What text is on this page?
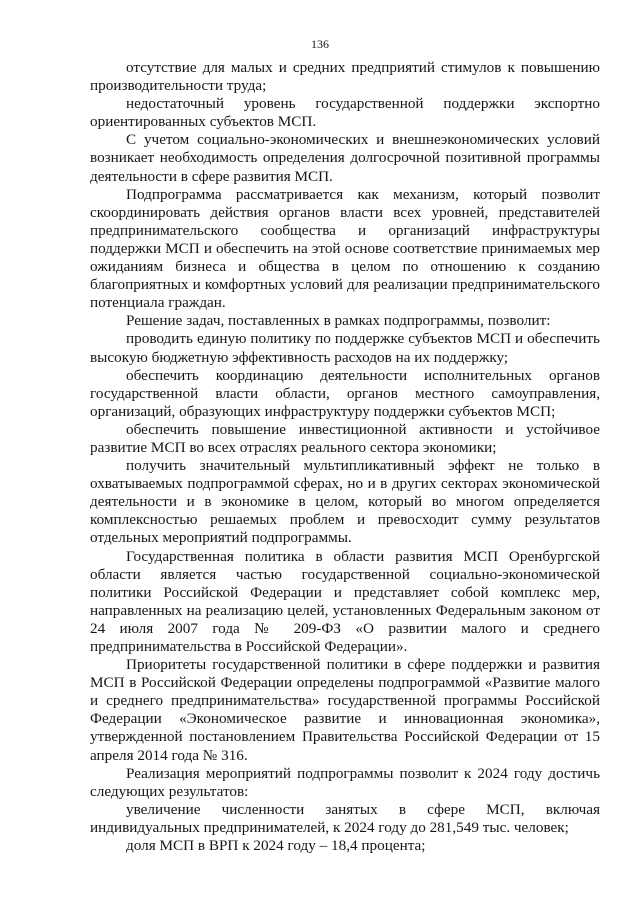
136

отсутствие для малых и средних предприятий стимулов к повышению производительности труда;

недостаточный уровень государственной поддержки экспортно ориентированных субъектов МСП.

С учетом социально-экономических и внешнеэкономических условий возникает необходимость определения долгосрочной позитивной программы деятельности в сфере развития МСП.

Подпрограмма рассматривается как механизм, который позволит скоординировать действия органов власти всех уровней, представителей предпринимательского сообщества и организаций инфраструктуры поддержки МСП и обеспечить на этой основе соответствие принимаемых мер ожиданиям бизнеса и общества в целом по отношению к созданию благоприятных и комфортных условий для реализации предпринимательского потенциала граждан.

Решение задач, поставленных в рамках подпрограммы, позволит:

проводить единую политику по поддержке субъектов МСП и обеспечить высокую бюджетную эффективность расходов на их поддержку;

обеспечить координацию деятельности исполнительных органов государственной власти области, органов местного самоуправления, организаций, образующих инфраструктуру поддержки субъектов МСП;

обеспечить повышение инвестиционной активности и устойчивое развитие МСП во всех отраслях реального сектора экономики;

получить значительный мультипликативный эффект не только в охватываемых подпрограммой сферах, но и в других секторах экономической деятельности и в экономике в целом, который во многом определяется комплексностью решаемых проблем и превосходит сумму результатов отдельных мероприятий подпрограммы.

Государственная политика в области развития МСП Оренбургской области является частью государственной социально-экономической политики Российской Федерации и представляет собой комплекс мер, направленных на реализацию целей, установленных Федеральным законом от 24 июля 2007 года № 209-ФЗ «О развитии малого и среднего предпринимательства в Российской Федерации».

Приоритеты государственной политики в сфере поддержки и развития МСП в Российской Федерации определены подпрограммой «Развитие малого и среднего предпринимательства» государственной программы Российской Федерации «Экономическое развитие и инновационная экономика», утвержденной постановлением Правительства Российской Федерации от 15 апреля 2014 года № 316.

Реализация мероприятий подпрограммы позволит к 2024 году достичь следующих результатов:

увеличение численности занятых в сфере МСП, включая индивидуальных предпринимателей, к 2024 году до 281,549 тыс. человек;

доля МСП в ВРП к 2024 году – 18,4 процента;
